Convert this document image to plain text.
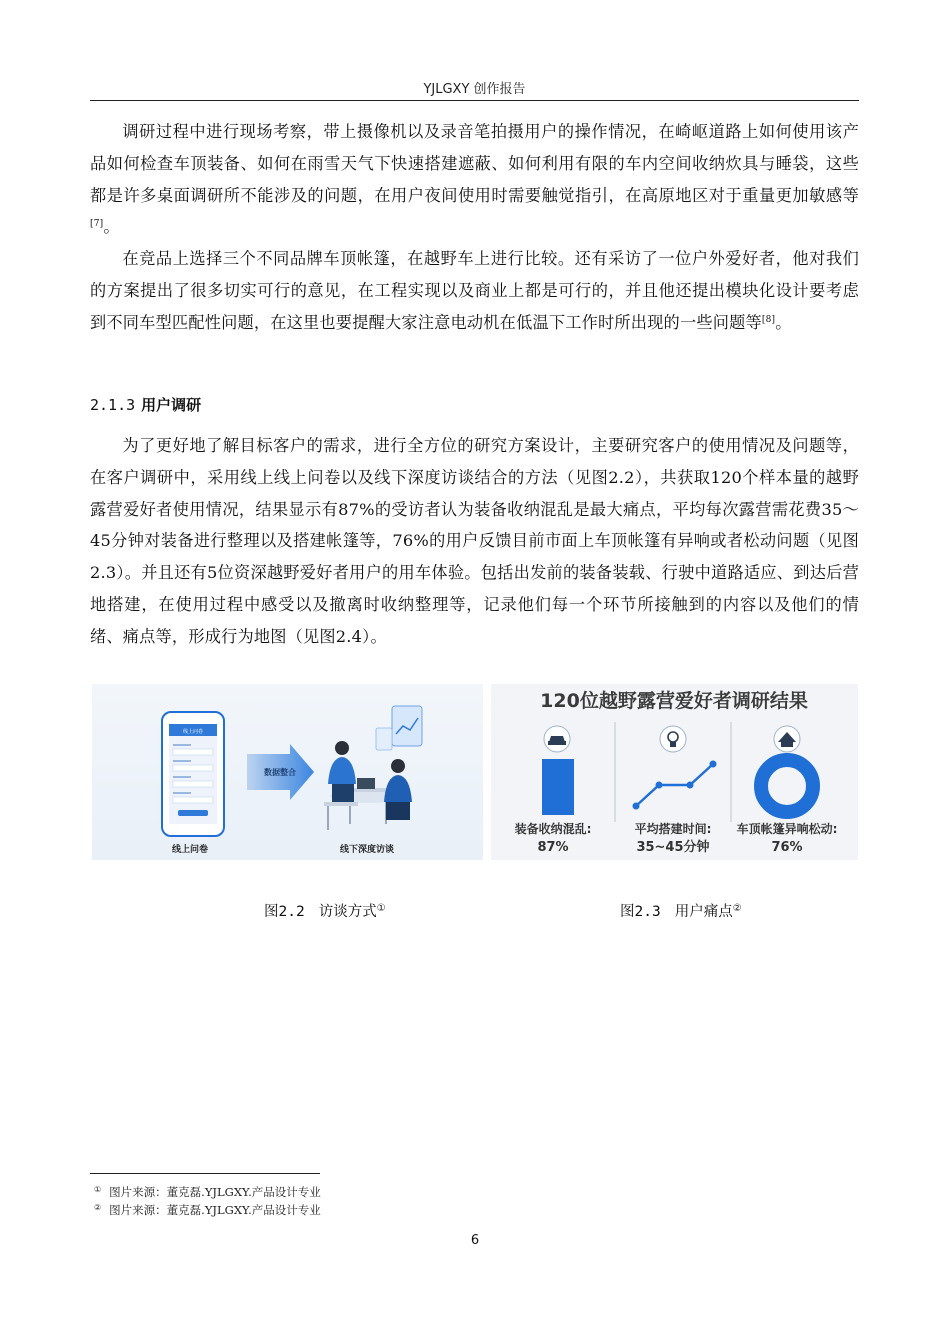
YJLGXY 创作报告
调研过程中进行现场考察，带上摄像机以及录音笔拍摄用户的操作情况，在崎岖道路上如何使用该产品如何检查车顶装备、如何在雨雪天气下快速搭建遮蔽、如何利用有限的车内空间收纳炊具与睡袋，这些都是许多桌面调研所不能涉及的问题，在用户夜间使用时需要触觉指引，在高原地区对于重量更加敏感等[7]。
在竞品上选择三个不同品牌车顶帐篷，在越野车上进行比较。还有采访了一位户外爱好者，他对我们的方案提出了很多切实可行的意见，在工程实现以及商业上都是可行的，并且他还提出模块化设计要考虑到不同车型匹配性问题，在这里也要提醒大家注意电动机在低温下工作时所出现的一些问题等[8]。
2.1.3 用户调研
为了更好地了解目标客户的需求，进行全方位的研究方案设计，主要研究客户的使用情况及问题等，在客户调研中，采用线上线上问卷以及线下深度访谈结合的方法（见图2.2），共获取120个样本量的越野露营爱好者使用情况，结果显示有87%的受访者认为装备收纳混乱是最大痛点，平均每次露营需花费35～45分钟对装备进行整理以及搭建帐篷等，76%的用户反馈目前市面上车顶帐篷有异响或者松动问题（见图2.3）。并且还有5位资深越野爱好者用户的用车体验。包括出发前的装备装载、行驶中道路适应、到达后营地搭建，在使用过程中感受以及撤离时收纳整理等，记录他们每一个环节所接触到的内容以及他们的情绪、痛点等，形成行为地图（见图2.4）。
线上问卷
数据整合
线上问卷	线下深度访谈
120位越野露营爱好者调研结果
装备收纳混乱:
87%
平均搭建时间:
35~45分钟
车顶帐篷异响松动:
76%
图2.2 访谈方式①	图2.3 用户痛点②
① 图片来源：董克磊.YJLGXY.产品设计专业
② 图片来源：董克磊.YJLGXY.产品设计专业
6
